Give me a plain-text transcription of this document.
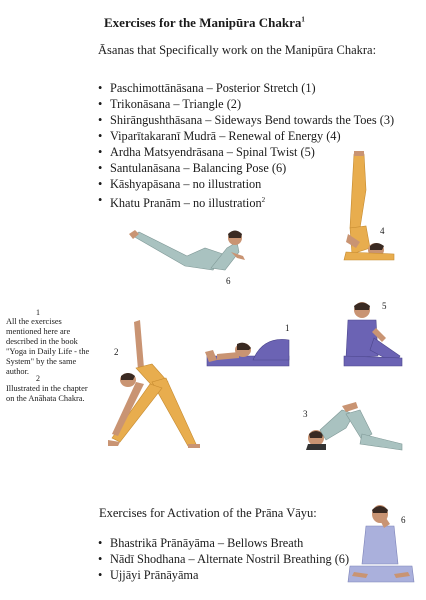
Exercises for the Manipūra Chakra$^1$
Āsanas that Specifically work on the Manipūra Chakra:
• Paschimottānāsana – Posterior Stretch (1)
• Trikonāsana – Triangle (2)
• Shirāngushthāsana – Sideways Bend towards the Toes (3)
• Viparītakaranī Mudrā – Renewal of Energy (4)
• Ardha Matsyendrāsana – Spinal Twist (5)
• Santulanāsana – Balancing Pose (6)
• Kāshyapāsana – no illustration
• Khatu Pranām – no illustration$^2$
1
All the exercises mentioned here are described in the book "Yoga in Daily Life - the System" by the same author.
2
Illustrated in the chapter on the Anāhata Chakra.
6
4
1
2
5
3
Exercises for Activation of the Prāna Vāyu:
• Bhastrikā Prānāyāma – Bellows Breath
• Nādī Shodhana – Alternate Nostril Breathing (6)
• Ujjāyi Prānāyāma
6
